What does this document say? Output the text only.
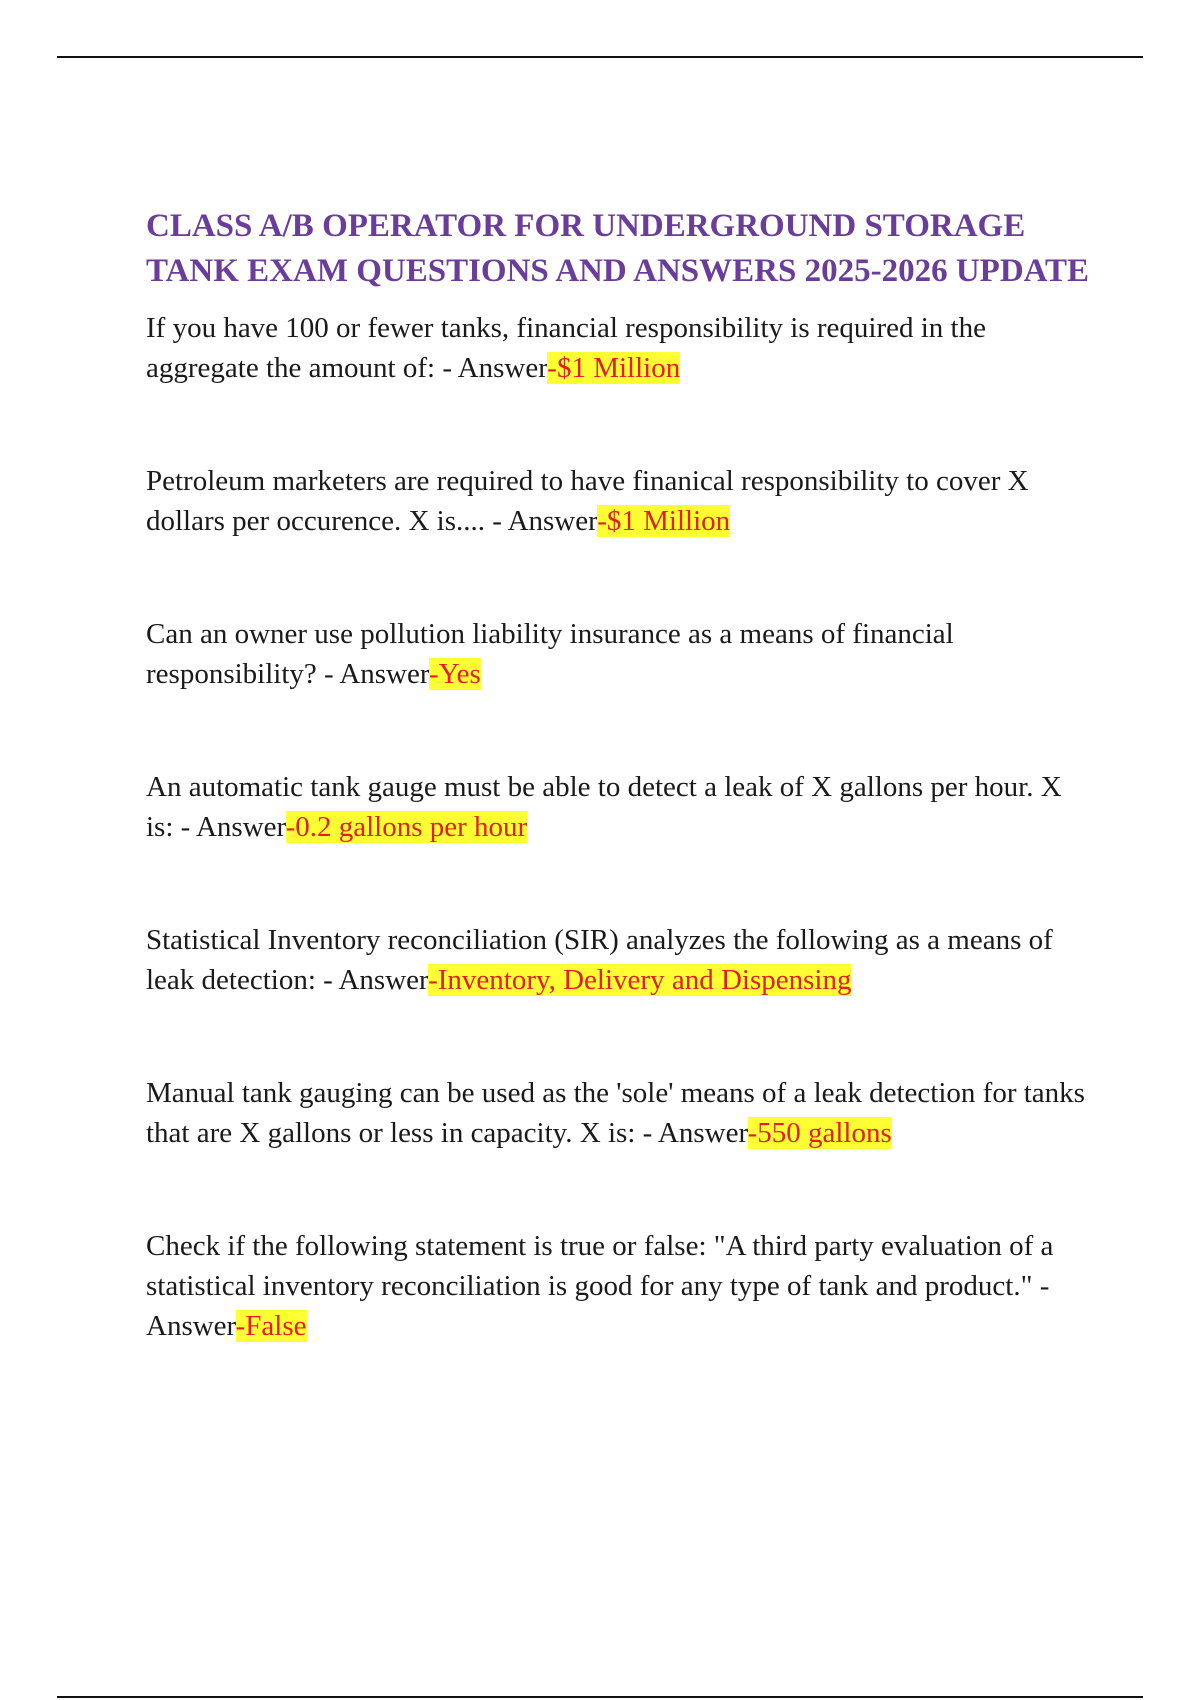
CLASS A/B OPERATOR FOR UNDERGROUND STORAGE TANK EXAM QUESTIONS AND ANSWERS 2025-2026 UPDATE

If you have 100 or fewer tanks, financial responsibility is required in the aggregate the amount of: - Answer-$1 Million

Petroleum marketers are required to have finanical responsibility to cover X dollars per occurence. X is.... - Answer-$1 Million

Can an owner use pollution liability insurance as a means of financial responsibility? - Answer-Yes

An automatic tank gauge must be able to detect a leak of X gallons per hour. X is: - Answer-0.2 gallons per hour

Statistical Inventory reconciliation (SIR) analyzes the following as a means of leak detection: - Answer-Inventory, Delivery and Dispensing

Manual tank gauging can be used as the 'sole' means of a leak detection for tanks that are X gallons or less in capacity. X is: - Answer-550 gallons

Check if the following statement is true or false: "A third party evaluation of a statistical inventory reconciliation is good for any type of tank and product." - Answer-False
